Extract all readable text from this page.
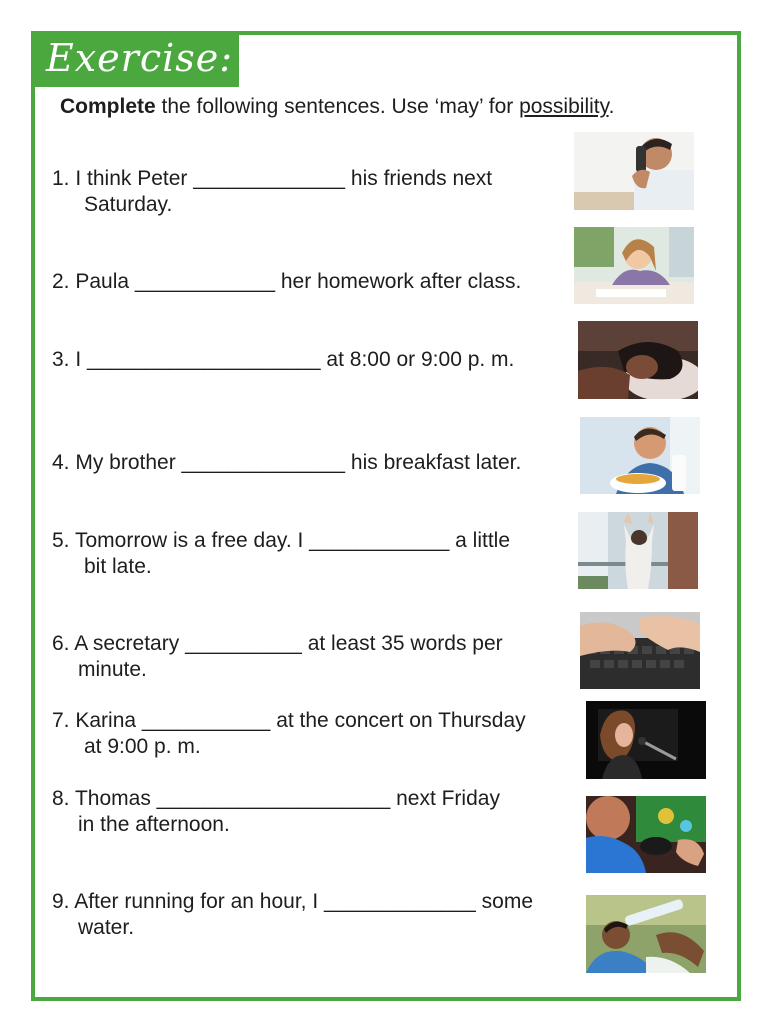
Exercise:
Complete the following sentences. Use ‘may’ for possibility.
1. I think Peter _____________ his friends next
Saturday.
2. Paula ____________ her homework after class.
3. I ____________________ at 8:00 or 9:00 p. m.
4. My brother ______________ his breakfast later.
5. Tomorrow is a free day. I ____________ a little
bit late.
6. A secretary __________ at least 35 words per
minute.
7. Karina ___________ at the concert on Thursday
at 9:00 p. m.
8. Thomas ____________________ next Friday
in the afternoon.
9. After running for an hour, I _____________ some
water.
